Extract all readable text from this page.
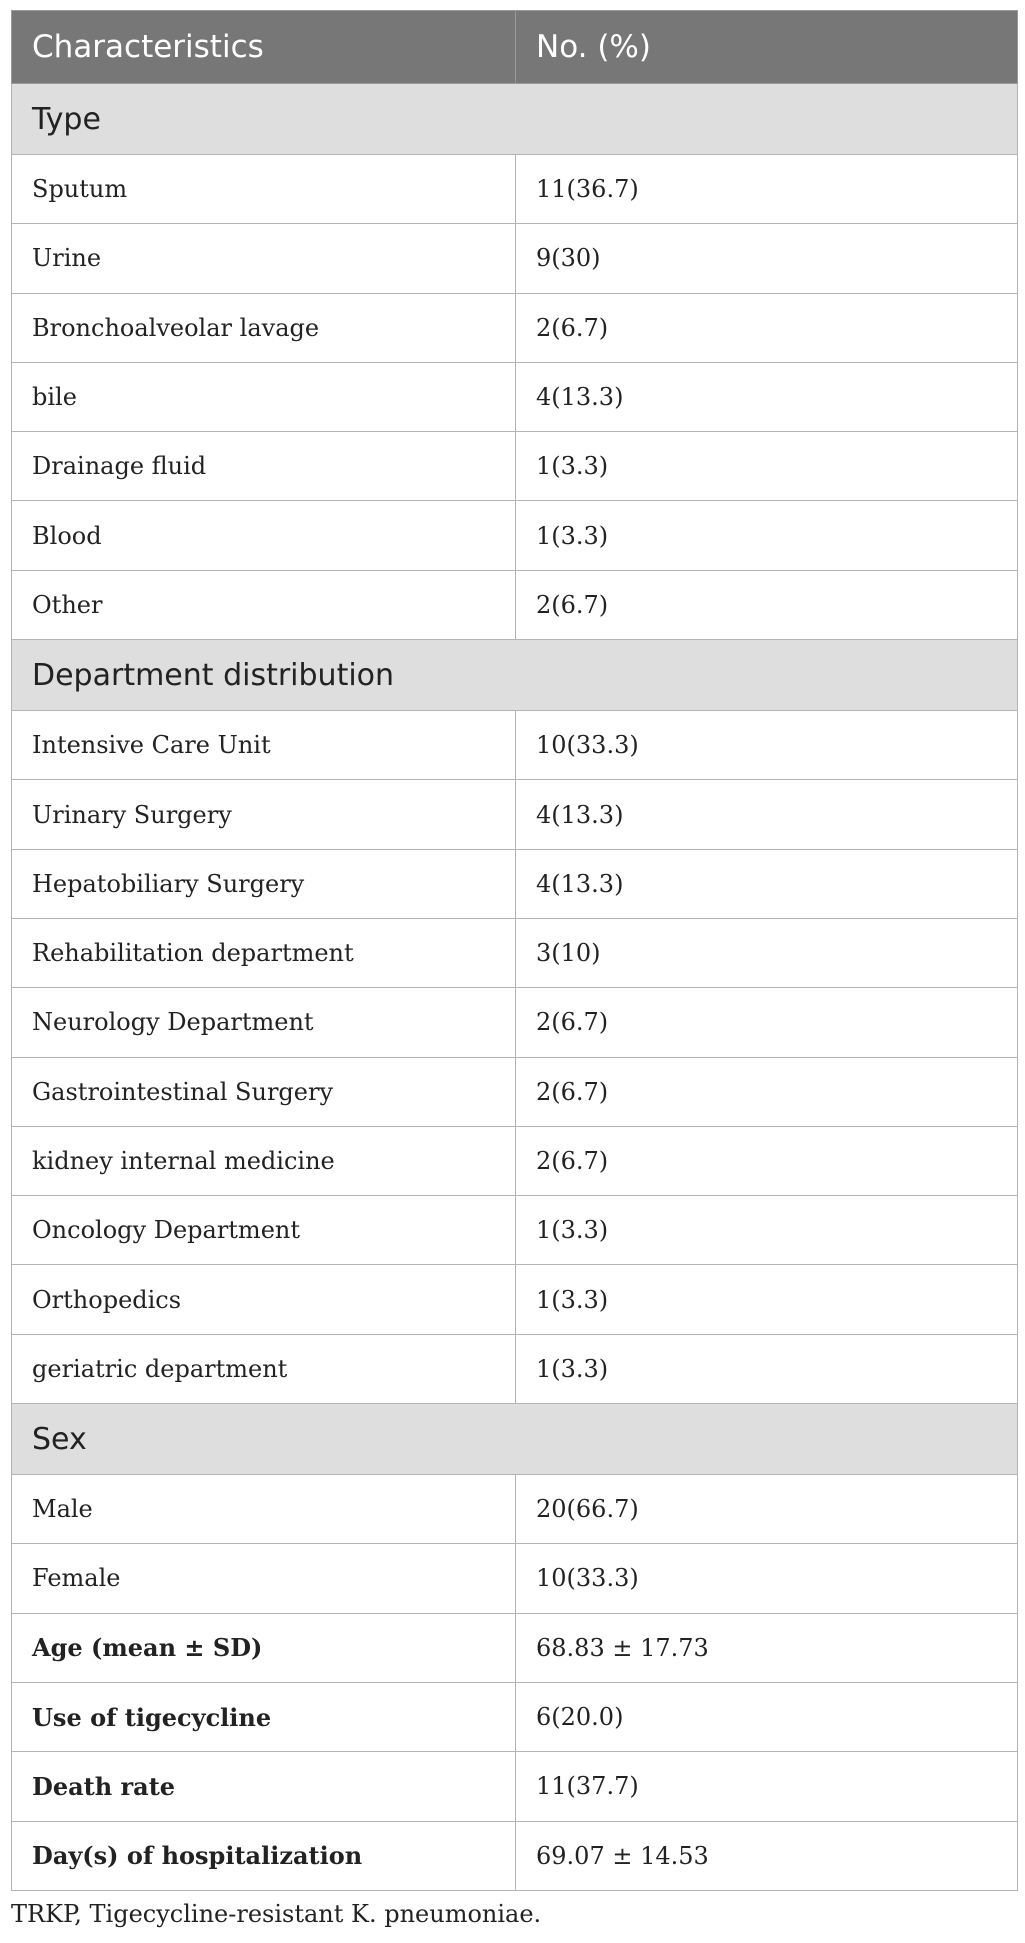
Characteristics	No. (%)
Type	
Sputum	11(36.7)
Urine	9(30)
Bronchoalveolar lavage	2(6.7)
bile	4(13.3)
Drainage fluid	1(3.3)
Blood	1(3.3)
Other	2(6.7)
Department distribution	
Intensive Care Unit	10(33.3)
Urinary Surgery	4(13.3)
Hepatobiliary Surgery	4(13.3)
Rehabilitation department	3(10)
Neurology Department	2(6.7)
Gastrointestinal Surgery	2(6.7)
kidney internal medicine	2(6.7)
Oncology Department	1(3.3)
Orthopedics	1(3.3)
geriatric department	1(3.3)
Sex	
Male	20(66.7)
Female	10(33.3)
Age (mean ± SD)	68.83 ± 17.73
Use of tigecycline	6(20.0)
Death rate	11(37.7)
Day(s) of hospitalization	69.07 ± 14.53

TRKP, Tigecycline-resistant K. pneumoniae.
